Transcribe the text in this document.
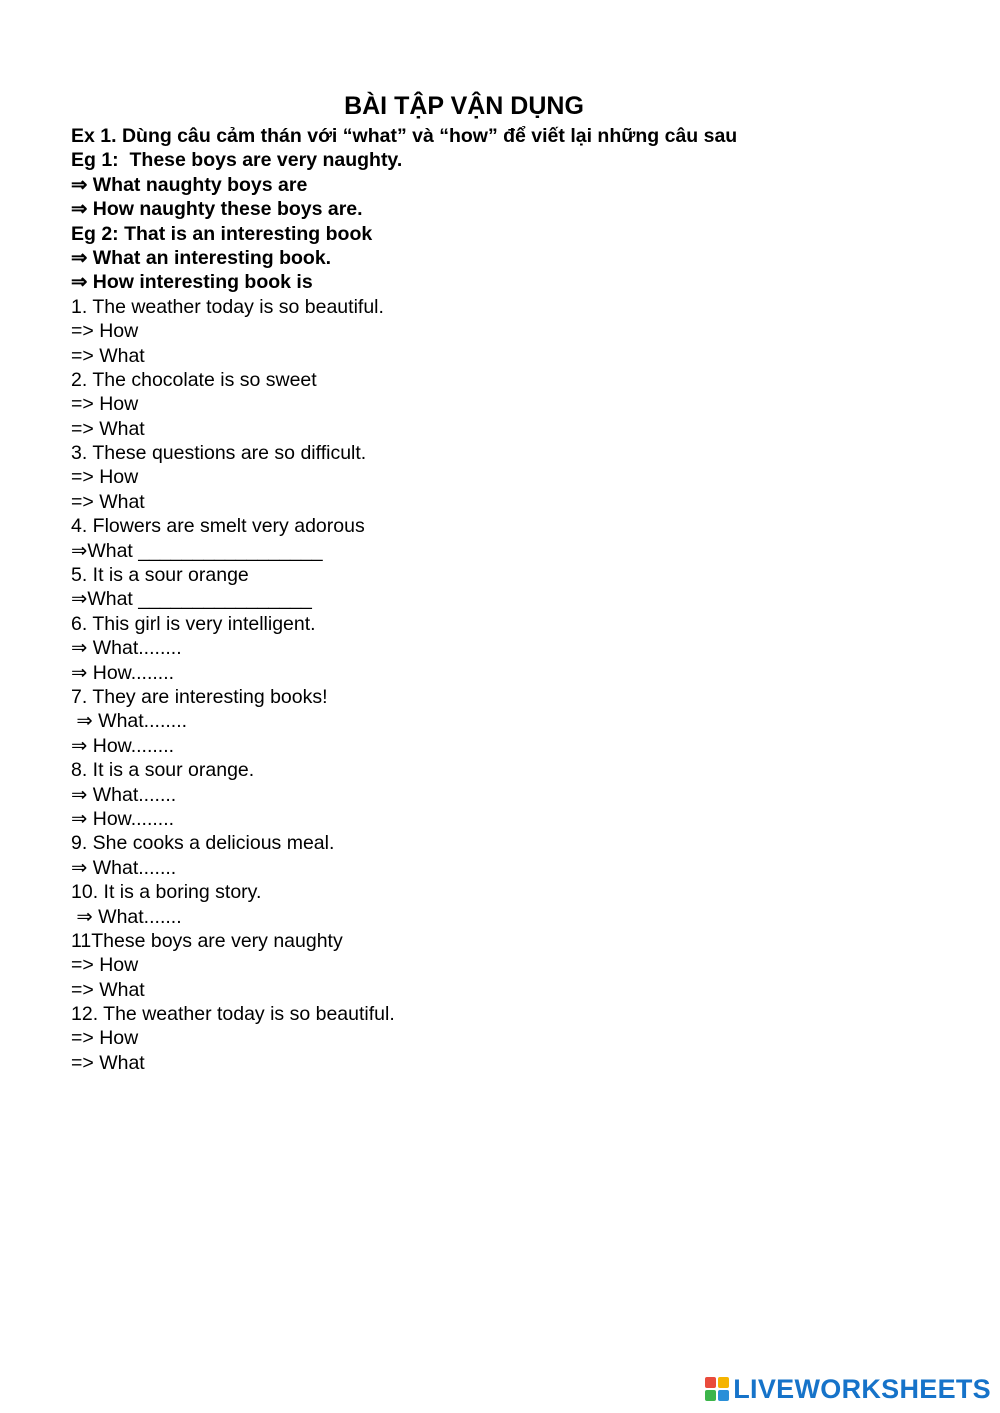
BÀI TẬP VẬN DỤNG

Ex 1. Dùng câu cảm thán với “what” và “how” để viết lại những câu sau

Eg 1:  These boys are very naughty.

⇒ What naughty boys are

⇒ How naughty these boys are.

Eg 2: That is an interesting book

⇒ What an interesting book.

⇒ How interesting book is

1. The weather today is so beautiful.

=> How

=> What

2. The chocolate is so sweet

=> How

=> What

3. These questions are so difficult.

=> How

=> What

4. Flowers are smelt very adorous

⇒What _________________

5. It is a sour orange

⇒What ________________

6. This girl is very intelligent.

⇒ What........

⇒ How........

7. They are interesting books!

⇒ What........

⇒ How........

8. It is a sour orange.

⇒ What.......

⇒ How........

9. She cooks a delicious meal.

⇒ What.......

10. It is a boring story.

⇒ What.......

11These boys are very naughty

=> How

=> What

12. The weather today is so beautiful.

=> How

=> What

LIVEWORKSHEETS
